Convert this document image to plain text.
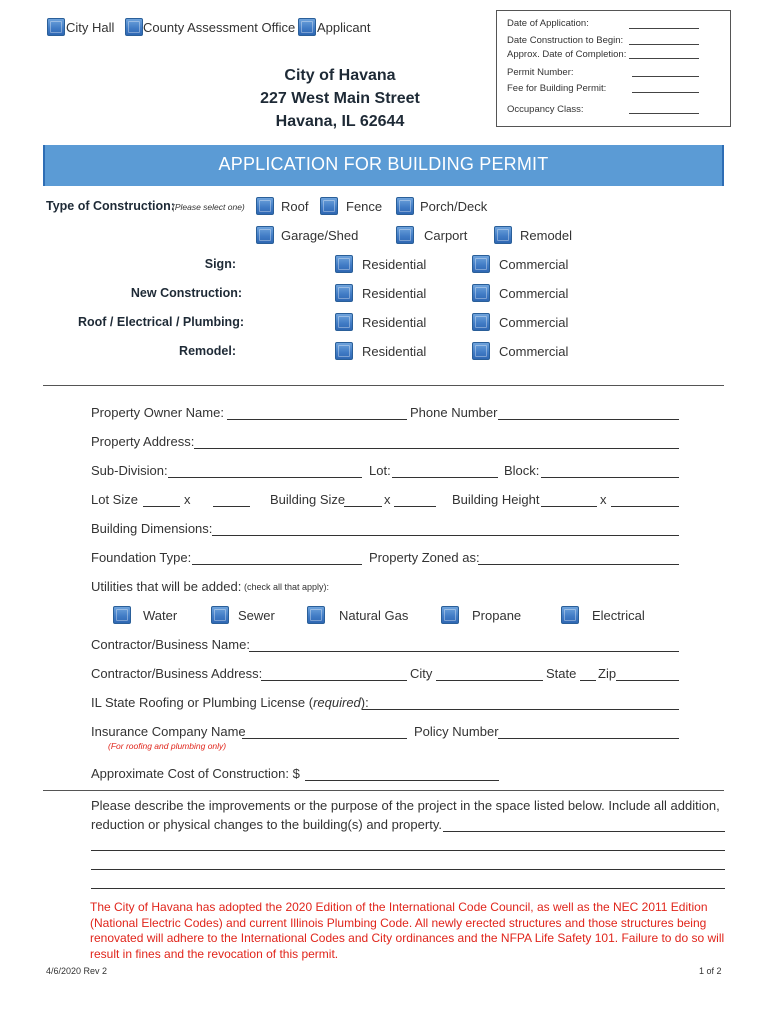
City Hall County Assessment Office Applicant
City of Havana
227 West Main Street
Havana, IL 62644
Date of Application:
Date Construction to Begin:
Approx. Date of Completion:
Permit Number:
Fee for Building Permit:
Occupancy Class:
APPLICATION FOR BUILDING PERMIT
Type of Construction:
(Please select one)	Roof	Fence	Porch/Deck
Garage/Shed	Carport	Remodel
Sign:	Residential	Commercial
New Construction:	Residential	Commercial
Roof / Electrical / Plumbing:	Residential	Commercial
Remodel:	Residential	Commercial
Property Owner Name:	Phone Number
Property Address:
Sub-Division:	Lot:	Block:
Lot Size	x	Building Size	x	Building Height	x
Building Dimensions:
Foundation Type:	Property Zoned as:
Utilities that will be added: (check all that apply):
Water	Sewer	Natural Gas	Propane	Electrical
Contractor/Business Name:
Contractor/Business Address:	City	State Zip
IL State Roofing or Plumbing License (required):
Insurance Company Name	Policy Number
(For roofing and plumbing only)
Approximate Cost of Construction: $
Please describe the improvements or the purpose of the project in the space listed below. Include all addition,
reduction or physical changes to the building(s) and property.
The City of Havana has adopted the 2020 Edition of the International Code Council, as well as the NEC 2011 Edition (National Electric Codes) and current Illinois Plumbing Code. All newly erected structures and those structures being renovated will adhere to the International Codes and City ordinances and the NFPA Life Safety 101. Failure to do so will result in fines and the revocation of this permit.
4/6/2020 Rev 2	1 of 2
